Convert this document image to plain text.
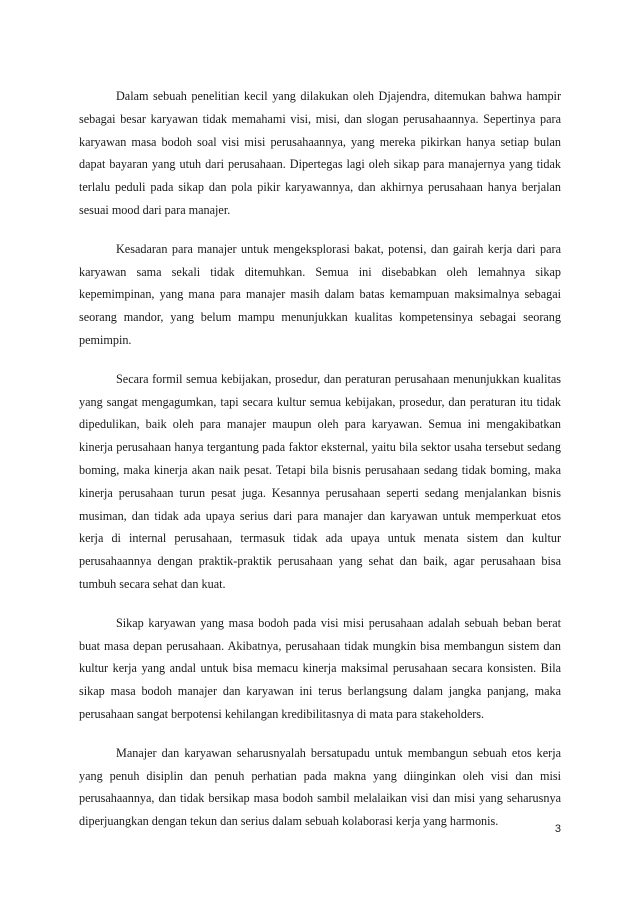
Dalam sebuah penelitian kecil yang dilakukan oleh Djajendra, ditemukan bahwa hampir sebagai besar karyawan tidak memahami visi, misi, dan slogan perusahaannya. Sepertinya para karyawan masa bodoh soal visi misi perusahaannya, yang mereka pikirkan hanya setiap bulan dapat bayaran yang utuh dari perusahaan. Dipertegas lagi oleh sikap para manajernya yang tidak terlalu peduli pada sikap dan pola pikir karyawannya, dan akhirnya perusahaan hanya berjalan sesuai mood dari para manajer.

Kesadaran para manajer untuk mengeksplorasi bakat, potensi, dan gairah kerja dari para karyawan sama sekali tidak ditemuhkan. Semua ini disebabkan oleh lemahnya sikap kepemimpinan, yang mana para manajer masih dalam batas kemampuan maksimalnya sebagai seorang mandor, yang belum mampu menunjukkan kualitas kompetensinya sebagai seorang pemimpin.

Secara formil semua kebijakan, prosedur, dan peraturan perusahaan menunjukkan kualitas yang sangat mengagumkan, tapi secara kultur semua kebijakan, prosedur, dan peraturan itu tidak dipedulikan, baik oleh para manajer maupun oleh para karyawan. Semua ini mengakibatkan kinerja perusahaan hanya tergantung pada faktor eksternal, yaitu bila sektor usaha tersebut sedang boming, maka kinerja akan naik pesat. Tetapi bila bisnis perusahaan sedang tidak boming, maka kinerja perusahaan turun pesat juga. Kesannya perusahaan seperti sedang menjalankan bisnis musiman, dan tidak ada upaya serius dari para manajer dan karyawan untuk memperkuat etos kerja di internal perusahaan, termasuk tidak ada upaya untuk menata sistem dan kultur perusahaannya dengan praktik-praktik perusahaan yang sehat dan baik, agar perusahaan bisa tumbuh secara sehat dan kuat.

Sikap karyawan yang masa bodoh pada visi misi perusahaan adalah sebuah beban berat buat masa depan perusahaan. Akibatnya, perusahaan tidak mungkin bisa membangun sistem dan kultur kerja yang andal untuk bisa memacu kinerja maksimal perusahaan secara konsisten. Bila sikap masa bodoh manajer dan karyawan ini terus berlangsung dalam jangka panjang, maka perusahaan sangat berpotensi kehilangan kredibilitasnya di mata para stakeholders.

Manajer dan karyawan seharusnyalah bersatupadu untuk membangun sebuah etos kerja yang penuh disiplin dan penuh perhatian pada makna yang diinginkan oleh visi dan misi perusahaannya, dan tidak bersikap masa bodoh sambil melalaikan visi dan misi yang seharusnya diperjuangkan dengan tekun dan serius dalam sebuah kolaborasi kerja yang harmonis.

3
